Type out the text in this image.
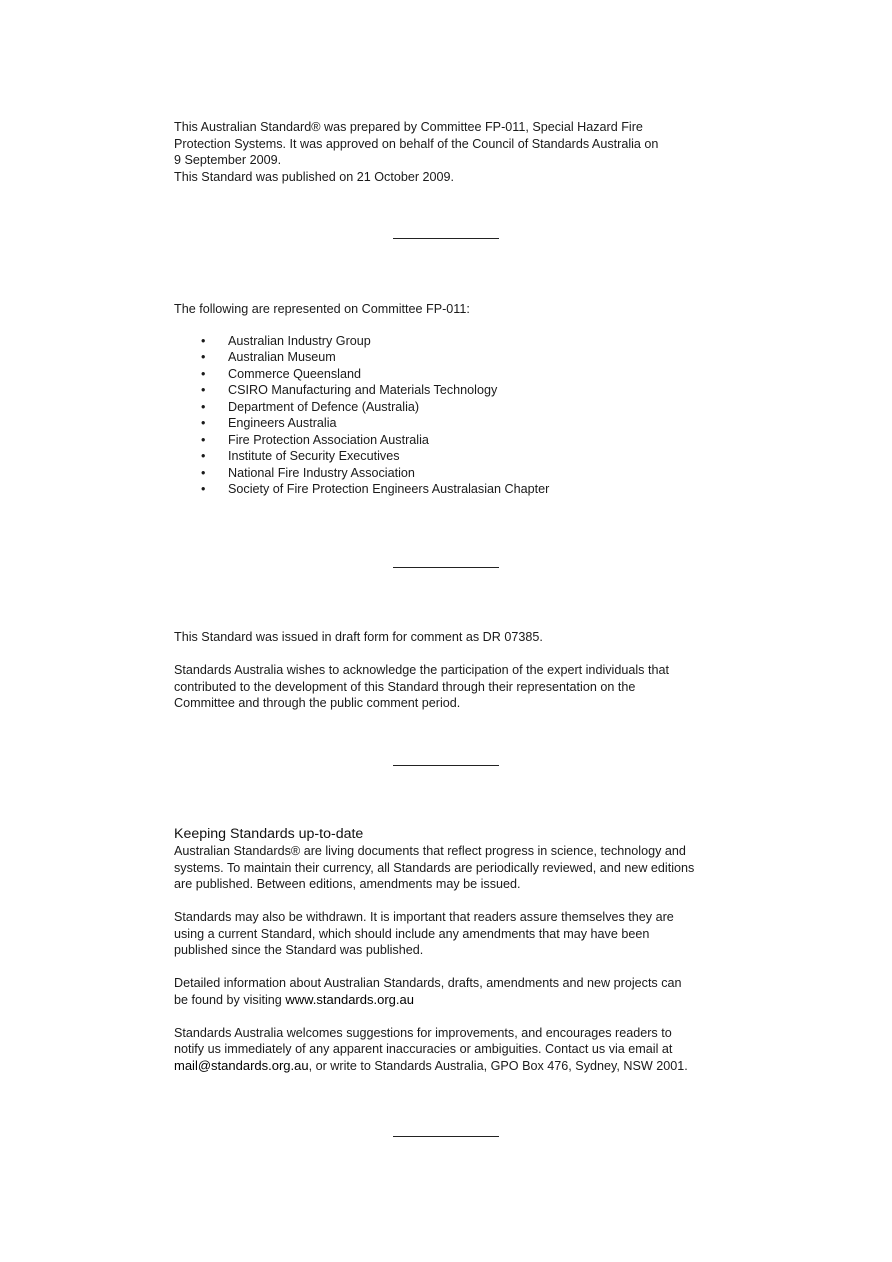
This Australian Standard® was prepared by Committee FP-011, Special Hazard Fire

Protection Systems. It was approved on behalf of the Council of Standards Australia on

9 September 2009.

This Standard was published on 21 October 2009.

The following are represented on Committee FP-011:

• Australian Industry Group
• Australian Museum
• Commerce Queensland
• CSIRO Manufacturing and Materials Technology
• Department of Defence (Australia)
• Engineers Australia
• Fire Protection Association Australia
• Institute of Security Executives
• National Fire Industry Association
• Society of Fire Protection Engineers Australasian Chapter

This Standard was issued in draft form for comment as DR 07385.

Standards Australia wishes to acknowledge the participation of the expert individuals that

contributed to the development of this Standard through their representation on the

Committee and through the public comment period.

Keeping Standards up-to-date

Australian Standards® are living documents that reflect progress in science, technology and

systems. To maintain their currency, all Standards are periodically reviewed, and new editions

are published. Between editions, amendments may be issued.

Standards may also be withdrawn. It is important that readers assure themselves they are

using a current Standard, which should include any amendments that may have been

published since the Standard was published.

Detailed information about Australian Standards, drafts, amendments and new projects can

be found by visiting www.standards.org.au

Standards Australia welcomes suggestions for improvements, and encourages readers to

notify us immediately of any apparent inaccuracies or ambiguities. Contact us via email at

mail@standards.org.au, or write to Standards Australia, GPO Box 476, Sydney, NSW 2001.
